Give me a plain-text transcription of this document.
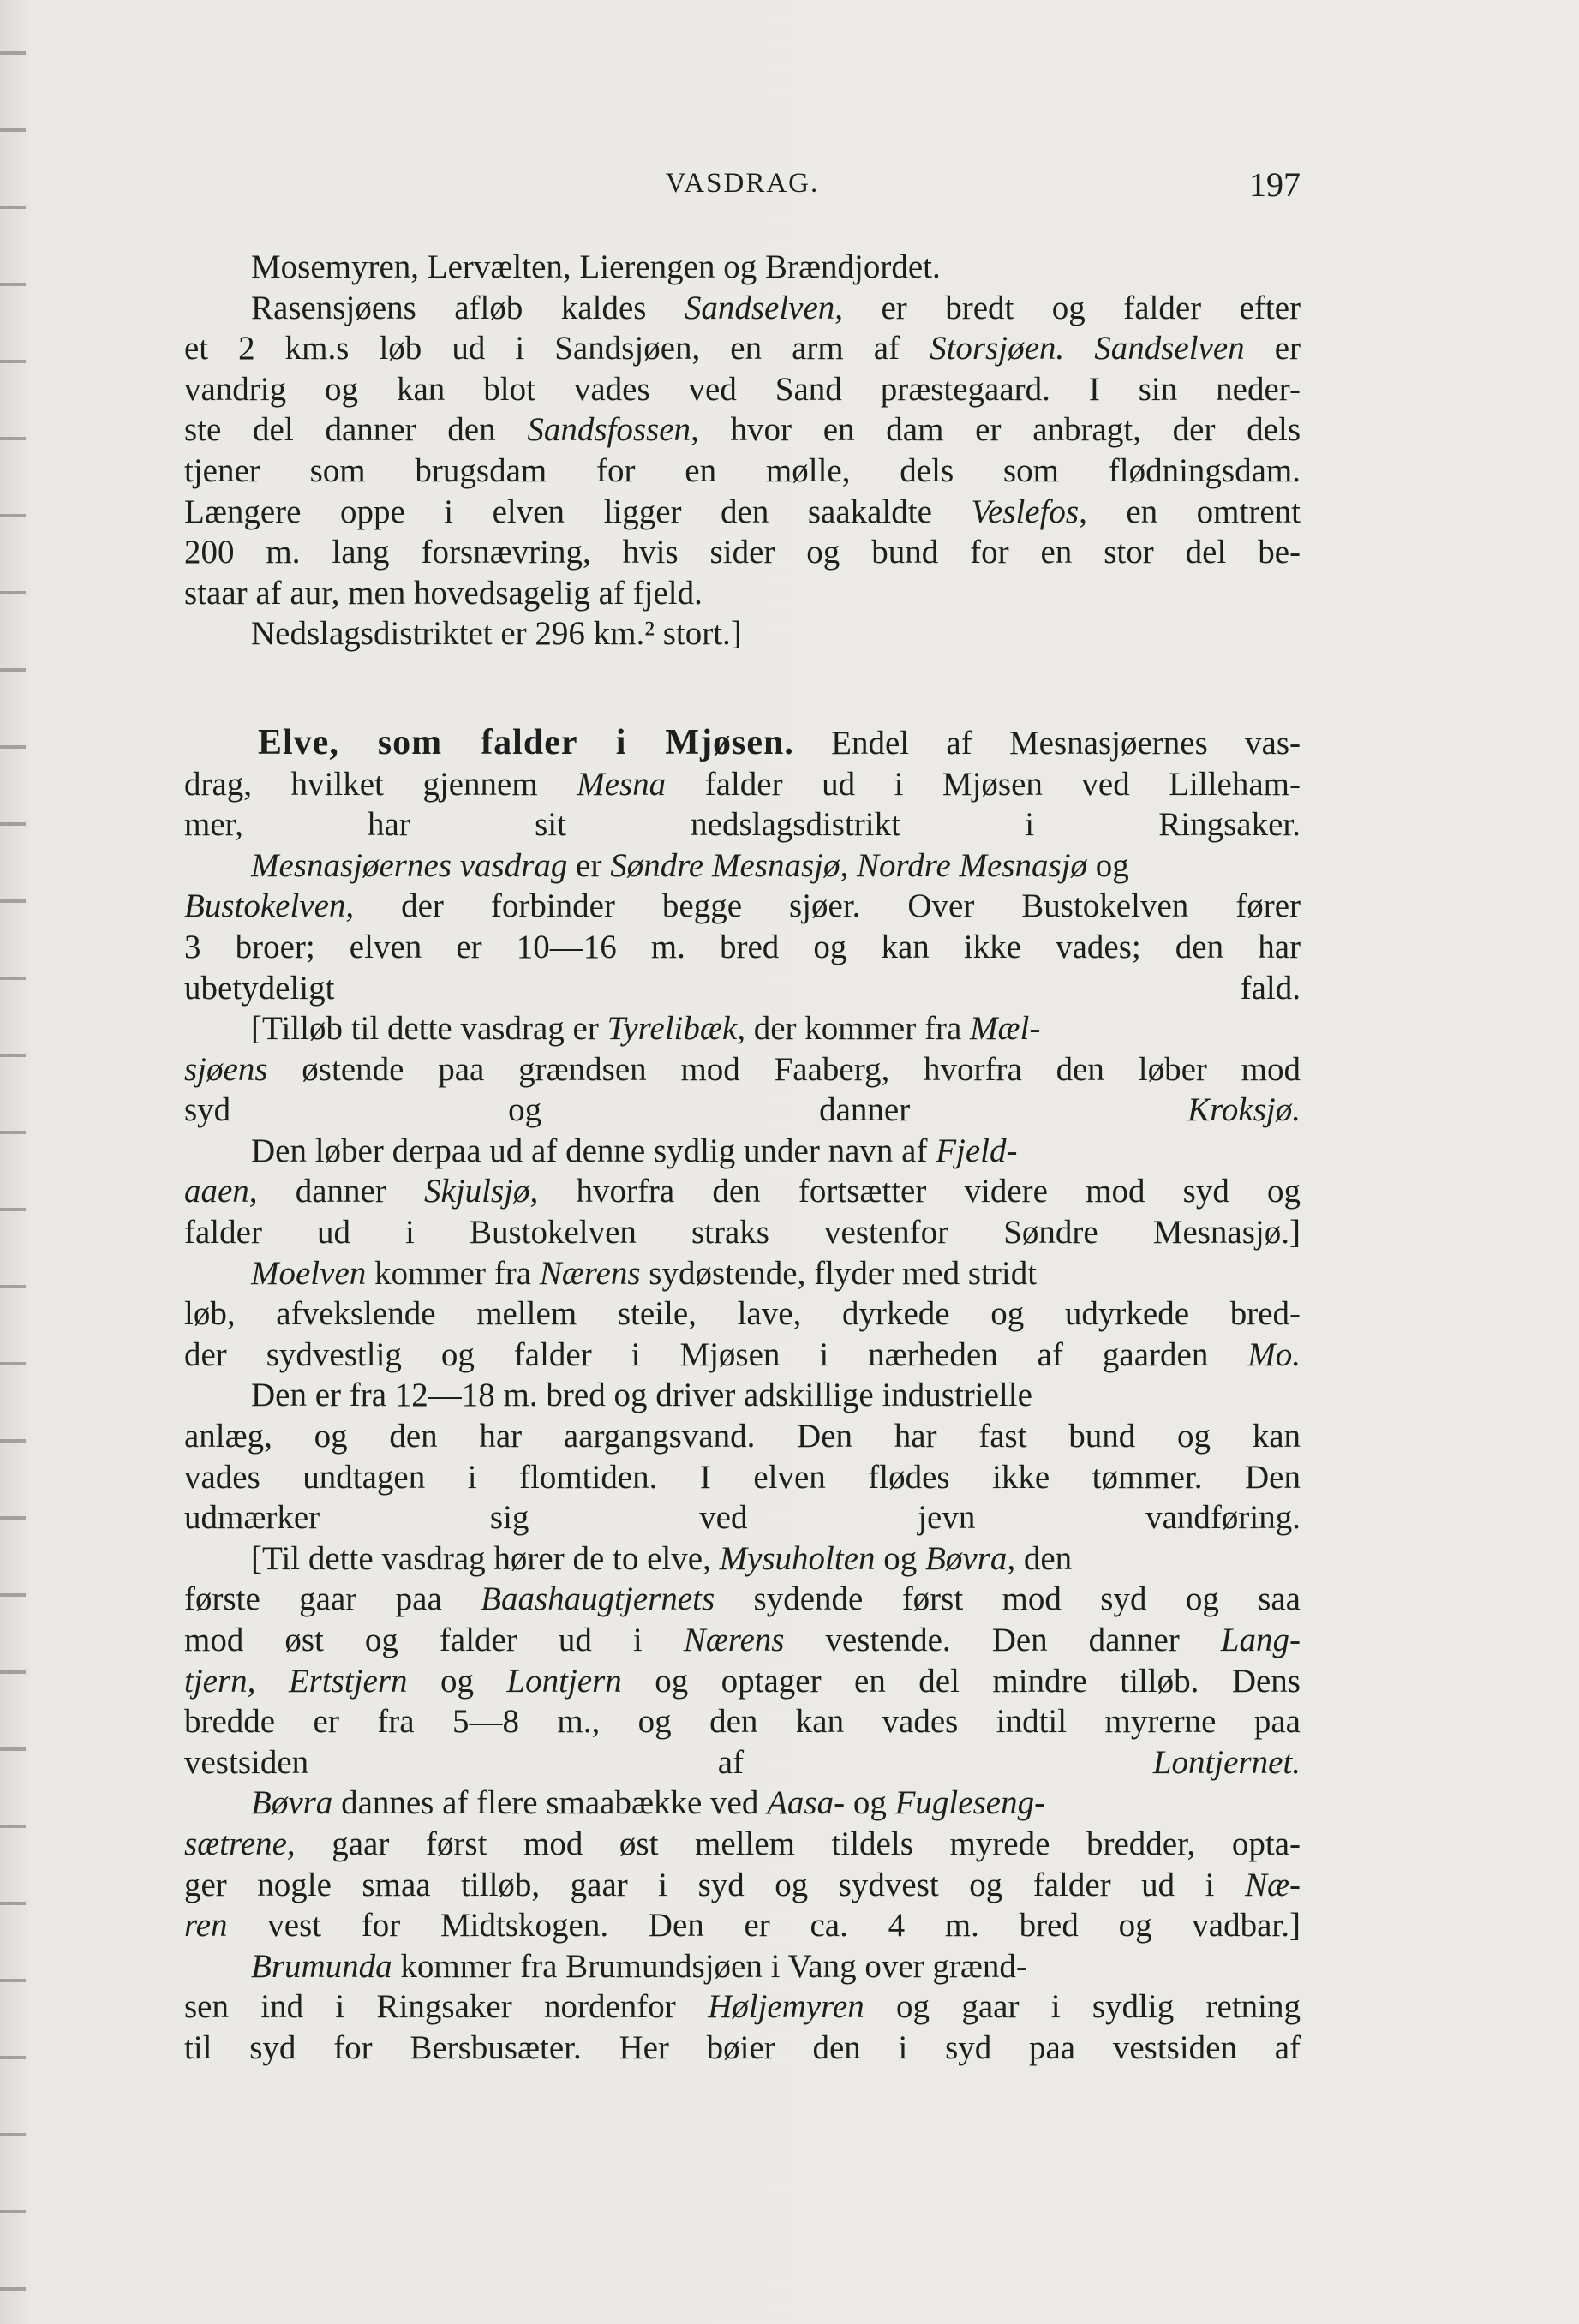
VASDRAG.	197
  Mosemyren, Lervælten, Lierengen og Brændjordet.
  Rasensjøens afløb kaldes Sandselven, er bredt og falder efter
et 2 km.s løb ud i Sandsjøen, en arm af Storsjøen. Sandselven er
vandrig og kan blot vades ved Sand præstegaard. I sin neder-
ste del danner den Sandsfossen, hvor en dam er anbragt, der dels
tjener som brugsdam for en mølle, dels som flødningsdam.
Længere oppe i elven ligger den saakaldte Veslefos, en omtrent
200 m. lang forsnævring, hvis sider og bund for en stor del be-
staar af aur, men hovedsagelig af fjeld.
  Nedslagsdistriktet er 296 km.² stort.]
  Elve, som falder i Mjøsen. Endel af Mesnasjøernes vas-
drag, hvilket gjennem Mesna falder ud i Mjøsen ved Lilleham-
mer, har sit nedslagsdistrikt i Ringsaker.
  Mesnasjøernes vasdrag er Søndre Mesnasjø, Nordre Mesnasjø og
Bustokelven, der forbinder begge sjøer. Over Bustokelven fører
3 broer; elven er 10—16 m. bred og kan ikke vades; den har
ubetydeligt fald.
  [Tilløb til dette vasdrag er Tyrelibæk, der kommer fra Mæl-
sjøens østende paa grændsen mod Faaberg, hvorfra den løber mod
syd og danner Kroksjø.
  Den løber derpaa ud af denne sydlig under navn af Fjeld-
aaen, danner Skjulsjø, hvorfra den fortsætter videre mod syd og
falder ud i Bustokelven straks vestenfor Søndre Mesnasjø.]
  Moelven kommer fra Nærens sydøstende, flyder med stridt
løb, afvekslende mellem steile, lave, dyrkede og udyrkede bred-
der sydvestlig og falder i Mjøsen i nærheden af gaarden Mo.
  Den er fra 12—18 m. bred og driver adskillige industrielle
anlæg, og den har aargangsvand. Den har fast bund og kan
vades undtagen i flomtiden. I elven flødes ikke tømmer. Den
udmærker sig ved jevn vandføring.
  [Til dette vasdrag hører de to elve, Mysuholten og Bøvra, den
første gaar paa Baashaugtjernets sydende først mod syd og saa
mod øst og falder ud i Nærens vestende. Den danner Lang-
tjern, Ertstjern og Lontjern og optager en del mindre tilløb. Dens
bredde er fra 5—8 m., og den kan vades indtil myrerne paa
vestsiden af Lontjernet.
  Bøvra dannes af flere smaabække ved Aasa- og Fugleseng-
sætrene, gaar først mod øst mellem tildels myrede bredder, opta-
ger nogle smaa tilløb, gaar i syd og sydvest og falder ud i Næ-
ren vest for Midtskogen. Den er ca. 4 m. bred og vadbar.]
  Brumunda kommer fra Brumundsjøen i Vang over grænd-
sen ind i Ringsaker nordenfor Høljemyren og gaar i sydlig retning
til syd for Bersbusæter. Her bøier den i syd paa vestsiden af
